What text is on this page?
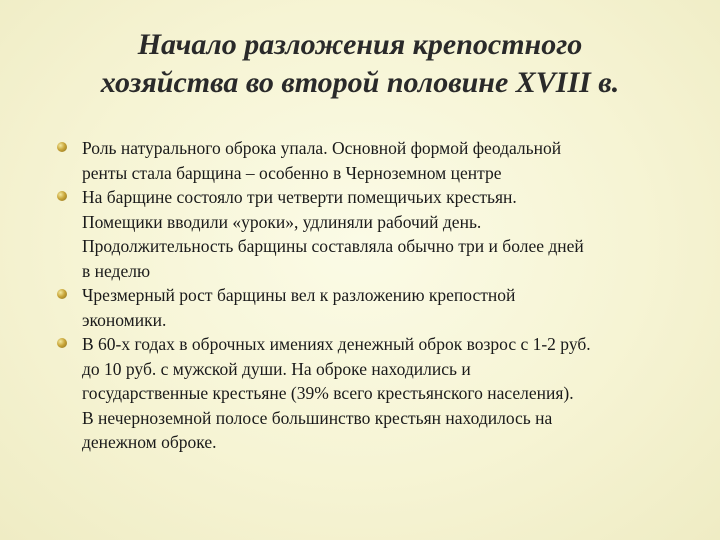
Начало разложения крепостного
хозяйства во второй половине XVIII в.
Роль натурального оброка упала. Основной формой феодальной
ренты стала барщина – особенно в Черноземном центре
На барщине состояло три четверти помещичьих крестьян.
Помещики вводили «уроки», удлиняли рабочий день.
Продолжительность барщины составляла обычно три и более дней
в неделю
Чрезмерный рост барщины вел к разложению крепостной
экономики.
В 60-х годах в оброчных имениях денежный оброк возрос с 1-2 руб.
до 10 руб. с мужской души. На оброке находились и
государственные крестьяне (39% всего крестьянского населения).
В нечерноземной полосе большинство крестьян находилось на
денежном оброке.
